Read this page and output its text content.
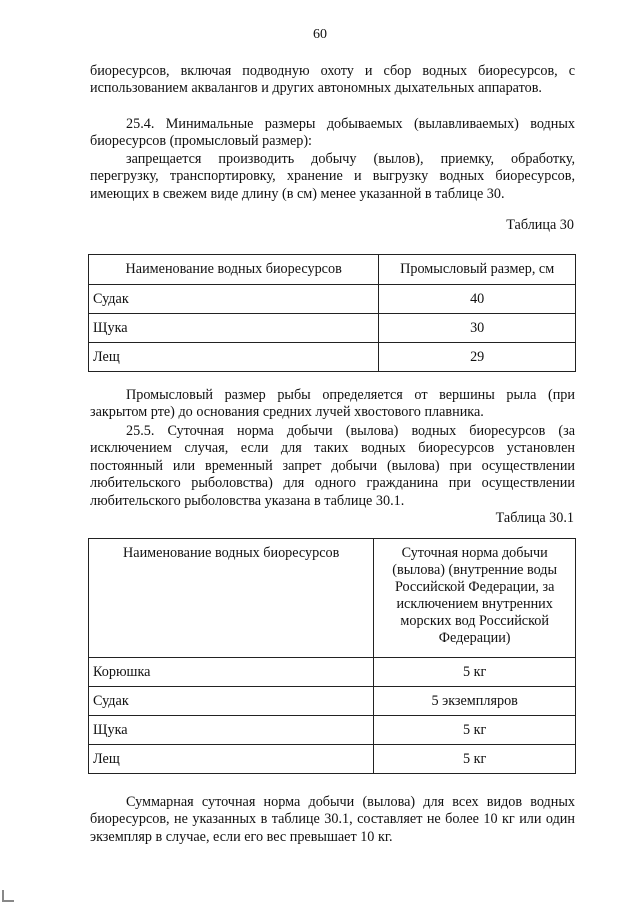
60

биоресурсов, включая подводную охоту и сбор водных биоресурсов, с использованием аквалангов и других автономных дыхательных аппаратов.

25.4. Минимальные размеры добываемых (вылавливаемых) водных биоресурсов (промысловый размер):

запрещается производить добычу (вылов), приемку, обработку, перегрузку, транспортировку, хранение и выгрузку водных биоресурсов, имеющих в свежем виде длину (в см) менее указанной в таблице 30.

Таблица 30

Наименование водных биоресурсов	Промысловый размер, см
Судак	40
Щука	30
Лещ	29

Промысловый размер рыбы определяется от вершины рыла (при закрытом рте) до основания средних лучей хвостового плавника.

25.5. Суточная норма добычи (вылова) водных биоресурсов (за исключением случая, если для таких водных биоресурсов установлен постоянный или временный запрет добычи (вылова) при осуществлении любительского рыболовства) для одного гражданина при осуществлении любительского рыболовства указана в таблице 30.1.

Таблица 30.1

Наименование водных биоресурсов	Суточная норма добычи (вылова) (внутренние воды Российской Федерации, за исключением внутренних морских вод Российской Федерации)
Корюшка	5 кг
Судак	5 экземпляров
Щука	5 кг
Лещ	5 кг

Суммарная суточная норма добычи (вылова) для всех видов водных биоресурсов, не указанных в таблице 30.1, составляет не более 10 кг или один экземпляр в случае, если его вес превышает 10 кг.
